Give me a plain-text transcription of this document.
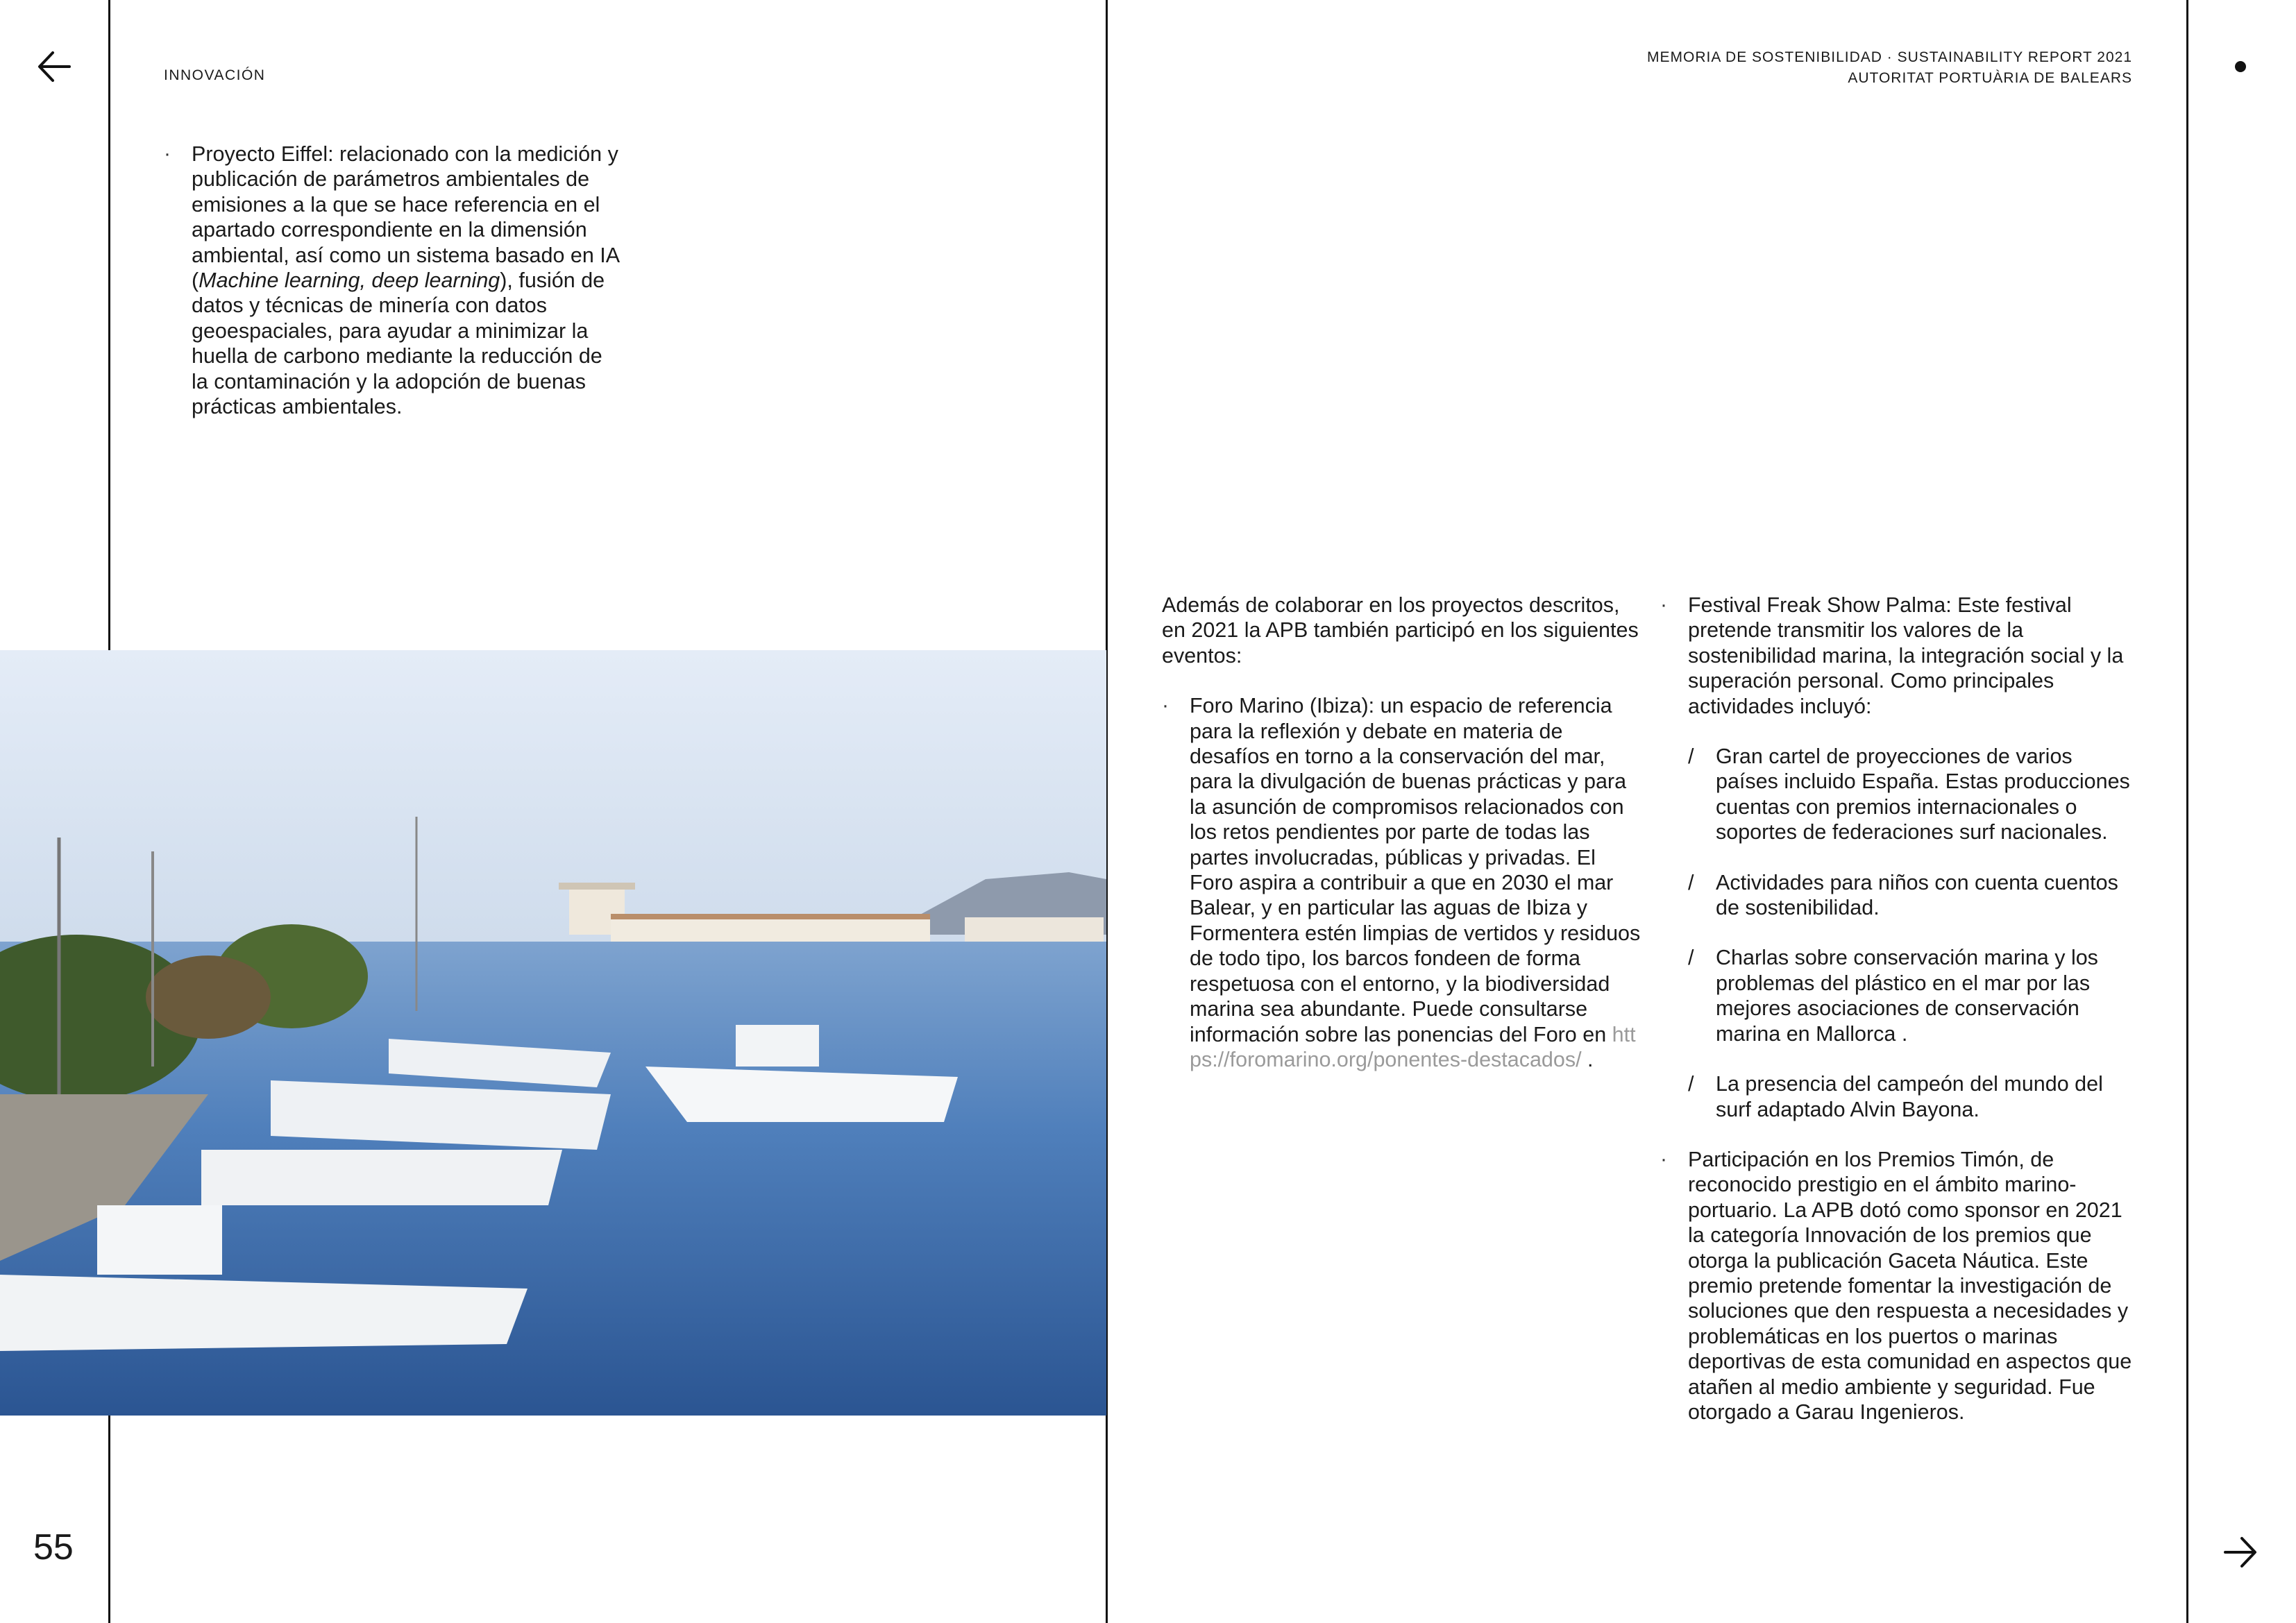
INNOVACIÓN
MEMORIA DE SOSTENIBILIDAD · SUSTAINABILITY REPORT 2021
AUTORITAT PORTUÀRIA DE BALEARS
· Proyecto Eiffel: relacionado con la medición y publicación de parámetros ambientales de emisiones a la que se hace referencia en el apartado correspondiente en la dimensión ambiental, así como un sistema basado en IA (Machine learning, deep learning), fusión de datos y técnicas de minería con datos geoespaciales, para ayudar a minimizar la huella de carbono mediante la reducción de la contaminación y la adopción de buenas prácticas ambientales.

Además de colaborar en los proyectos descritos, en 2021 la APB también participó en los siguientes eventos:

· Foro Marino (Ibiza): un espacio de referencia para la reflexión y debate en materia de desafíos en torno a la conservación del mar, para la divulgación de buenas prácticas y para la asunción de compromisos relacionados con los retos pendientes por parte de todas las partes involucradas, públicas y privadas. El Foro aspira a contribuir a que en 2030 el mar Balear, y en particular las aguas de Ibiza y Formentera estén limpias de vertidos y residuos de todo tipo, los barcos fondeen de forma respetuosa con el entorno, y la biodiversidad marina sea abundante. Puede consultarse información sobre las ponencias del Foro en https://foromarino.org/ponentes-destacados/ .
· Festival Freak Show Palma: Este festival pretende transmitir los valores de la sostenibilidad marina, la integración social y la superación personal. Como principales actividades incluyó:
/ Gran cartel de proyecciones de varios países incluido España. Estas producciones cuentas con premios internacionales o soportes de federaciones surf nacionales.
/ Actividades para niños con cuenta cuentos de sostenibilidad.
/ Charlas sobre conservación marina y los problemas del plástico en el mar por las mejores asociaciones de conservación marina en Mallorca .
/ La presencia del campeón del mundo del surf adaptado Alvin Bayona.
· Participación en los Premios Timón, de reconocido prestigio en el ámbito marino-portuario. La APB dotó como sponsor en 2021 la categoría Innovación de los premios que otorga la publicación Gaceta Náutica. Este premio pretende fomentar la investigación de soluciones que den respuesta a necesidades y problemáticas en los puertos o marinas deportivas de esta comunidad en aspectos que atañen al medio ambiente y seguridad. Fue otorgado a Garau Ingenieros.
55
